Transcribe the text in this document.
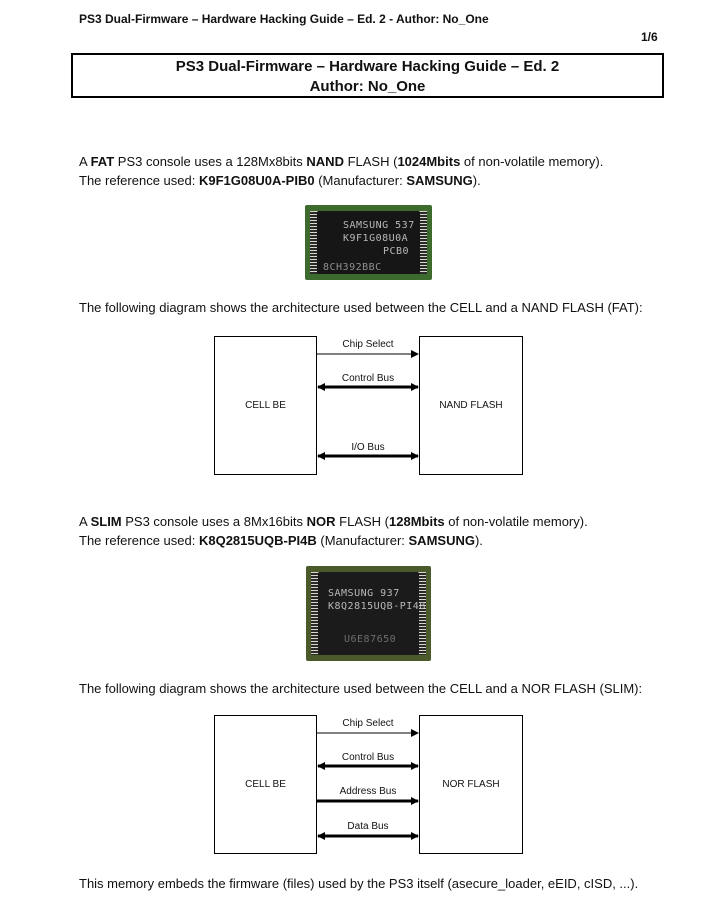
PS3 Dual-Firmware – Hardware Hacking Guide – Ed. 2 - Author: No_One
1/6
PS3 Dual-Firmware – Hardware Hacking Guide – Ed. 2
Author: No_One
A FAT PS3 console uses a 128Mx8bits NAND FLASH (1024Mbits of non-volatile memory).
The reference used: K9F1G08U0A-PIB0 (Manufacturer: SAMSUNG).
SAMSUNG 537
K9F1G08U0A
PCB0
8CH392BBC
The following diagram shows the architecture used between the CELL and a NAND FLASH (FAT):
CELL BE	NAND FLASH
Chip Select
Control Bus
I/O Bus
A SLIM PS3 console uses a 8Mx16bits NOR FLASH (128Mbits of non-volatile memory).
The reference used: K8Q2815UQB-PI4B (Manufacturer: SAMSUNG).
SAMSUNG 937
K8Q2815UQB-PI4B
U6E87650
The following diagram shows the architecture used between the CELL and a NOR FLASH (SLIM):
CELL BE	NOR FLASH
Chip Select
Control Bus
Address Bus
Data Bus
This memory embeds the firmware (files) used by the PS3 itself (asecure_loader, eEID, cISD, ...).
